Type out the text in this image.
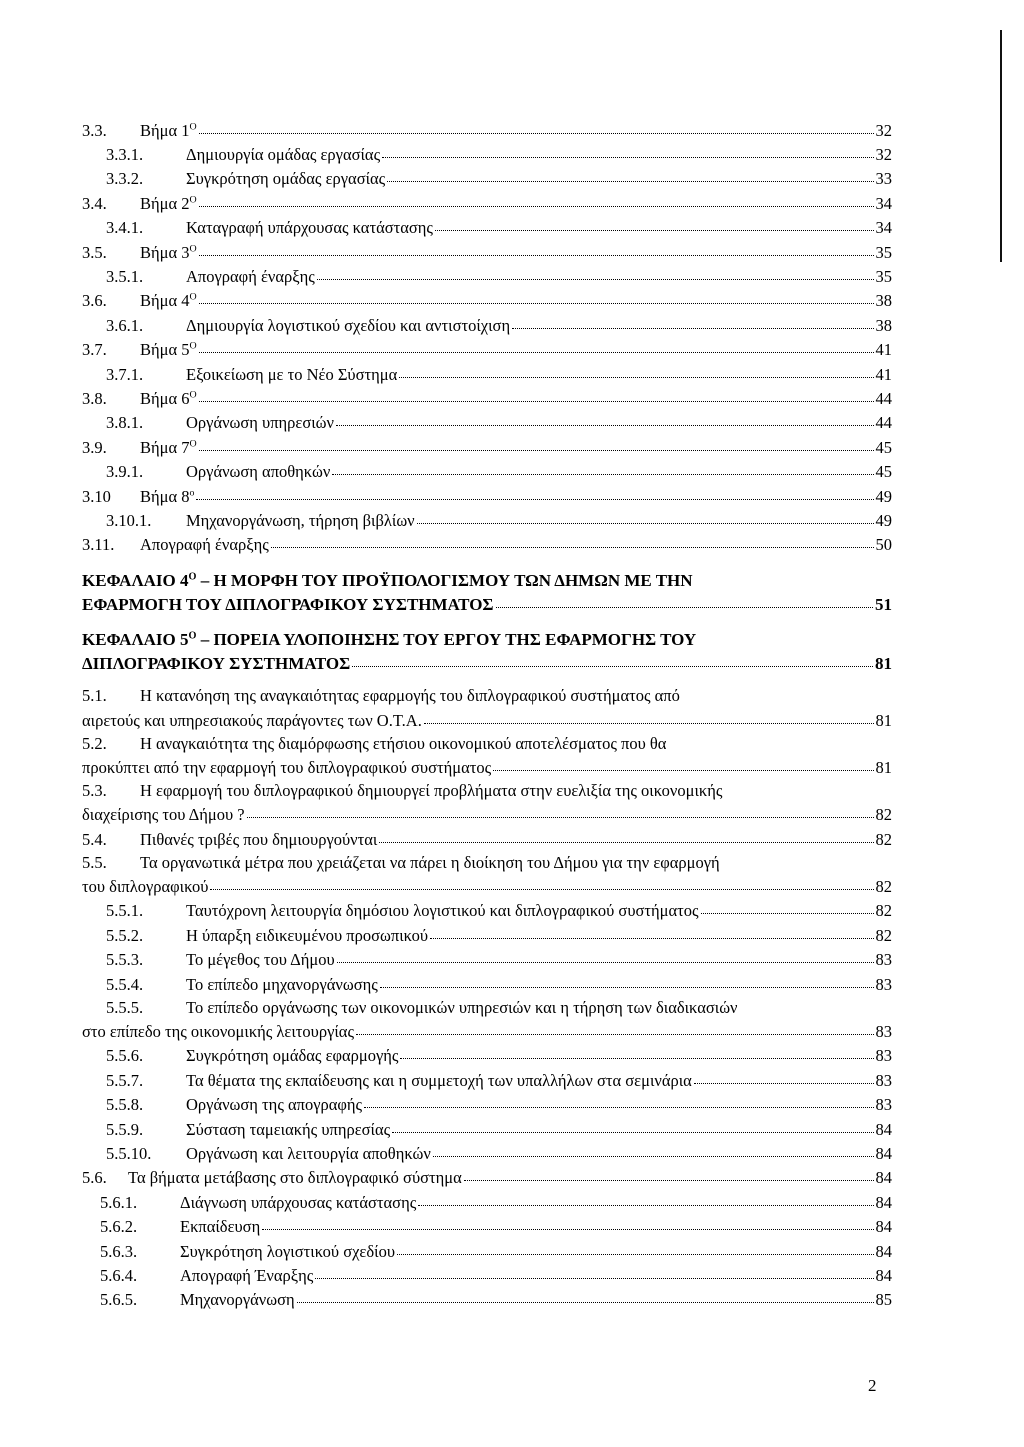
3.3.	Βήμα $1^O$	32
3.3.1.	Δημιουργία ομάδας εργασίας	32
3.3.2.	Συγκρότηση ομάδας εργασίας	33
3.4.	Βήμα $2^O$	34
3.4.1.	Καταγραφή υπάρχουσας κατάστασης	34
3.5.	Βήμα $3^O$	35
3.5.1.	Απογραφή έναρξης	35
3.6.	Βήμα $4^O$	38
3.6.1.	Δημιουργία λογιστικού σχεδίου και αντιστοίχιση	38
3.7.	Βήμα $5^O$	41
3.7.1.	Εξοικείωση με το Νέο Σύστημα	41
3.8.	Βήμα $6^O$	44
3.8.1.	Οργάνωση υπηρεσιών	44
3.9.	Βήμα $7^O$	45
3.9.1.	Οργάνωση αποθηκών	45
3.10	Βήμα $8^o$	49
3.10.1.	Μηχανοργάνωση, τήρηση βιβλίων	49
3.11.	Απογραφή έναρξης	50
ΚΕΦΑΛΑΙΟ $4^O$ – Η ΜΟΡΦΗ ΤΟΥ ΠΡΟΫΠΟΛΟΓΙΣΜΟΥ ΤΩΝ ΔΗΜΩΝ ΜΕ ΤΗΝ
ΕΦΑΡΜΟΓΗ ΤΟΥ ΔΙΠΛΟΓΡΑΦΙΚΟΥ ΣΥΣΤΗΜΑΤΟΣ	51
ΚΕΦΑΛΑΙΟ $5^O$ – ΠΟΡΕΙΑ ΥΛΟΠΟΙΗΣΗΣ ΤΟΥ ΕΡΓΟΥ ΤΗΣ ΕΦΑΡΜΟΓΗΣ ΤΟΥ
ΔΙΠΛΟΓΡΑΦΙΚΟΥ ΣΥΣΤΗΜΑΤΟΣ	81
5.1. Η κατανόηση της αναγκαιότητας εφαρμογής του διπλογραφικού συστήματος από
αιρετούς και υπηρεσιακούς παράγοντες των Ο.Τ.Α.	81
5.2. Η αναγκαιότητα της διαμόρφωσης ετήσιου οικονομικού αποτελέσματος που θα
προκύπτει από την εφαρμογή του διπλογραφικού συστήματος	81
5.3. Η εφαρμογή του διπλογραφικού δημιουργεί προβλήματα στην ευελιξία της οικονομικής
διαχείρισης του Δήμου ?	82
5.4.	Πιθανές τριβές που δημιουργούνται	82
5.5. Τα οργανωτικά μέτρα που χρειάζεται να πάρει η διοίκηση του Δήμου για την εφαρμογή
του διπλογραφικού	82
5.5.1.	Ταυτόχρονη λειτουργία δημόσιου λογιστικού και διπλογραφικού συστήματος	82
5.5.2.	Η ύπαρξη ειδικευμένου προσωπικού	82
5.5.3.	Το μέγεθος του Δήμου	83
5.5.4.	Το επίπεδο μηχανοργάνωσης	83
5.5.5.	Το επίπεδο οργάνωσης των οικονομικών υπηρεσιών και η τήρηση των διαδικασιών
στο επίπεδο της οικονομικής λειτουργίας	83
5.5.6.	Συγκρότηση ομάδας εφαρμογής	83
5.5.7.	Τα θέματα της εκπαίδευσης και η συμμετοχή των υπαλλήλων στα σεμινάρια	83
5.5.8.	Οργάνωση της απογραφής	83
5.5.9.	Σύσταση ταμειακής υπηρεσίας	84
5.5.10.	Οργάνωση και λειτουργία αποθηκών	84
5.6.	Τα βήματα μετάβασης στο διπλογραφικό σύστημα	84
5.6.1.	Διάγνωση υπάρχουσας κατάστασης	84
5.6.2.	Εκπαίδευση	84
5.6.3.	Συγκρότηση λογιστικού σχεδίου	84
5.6.4.	Απογραφή Έναρξης	84
5.6.5.	Μηχανοργάνωση	85
2
